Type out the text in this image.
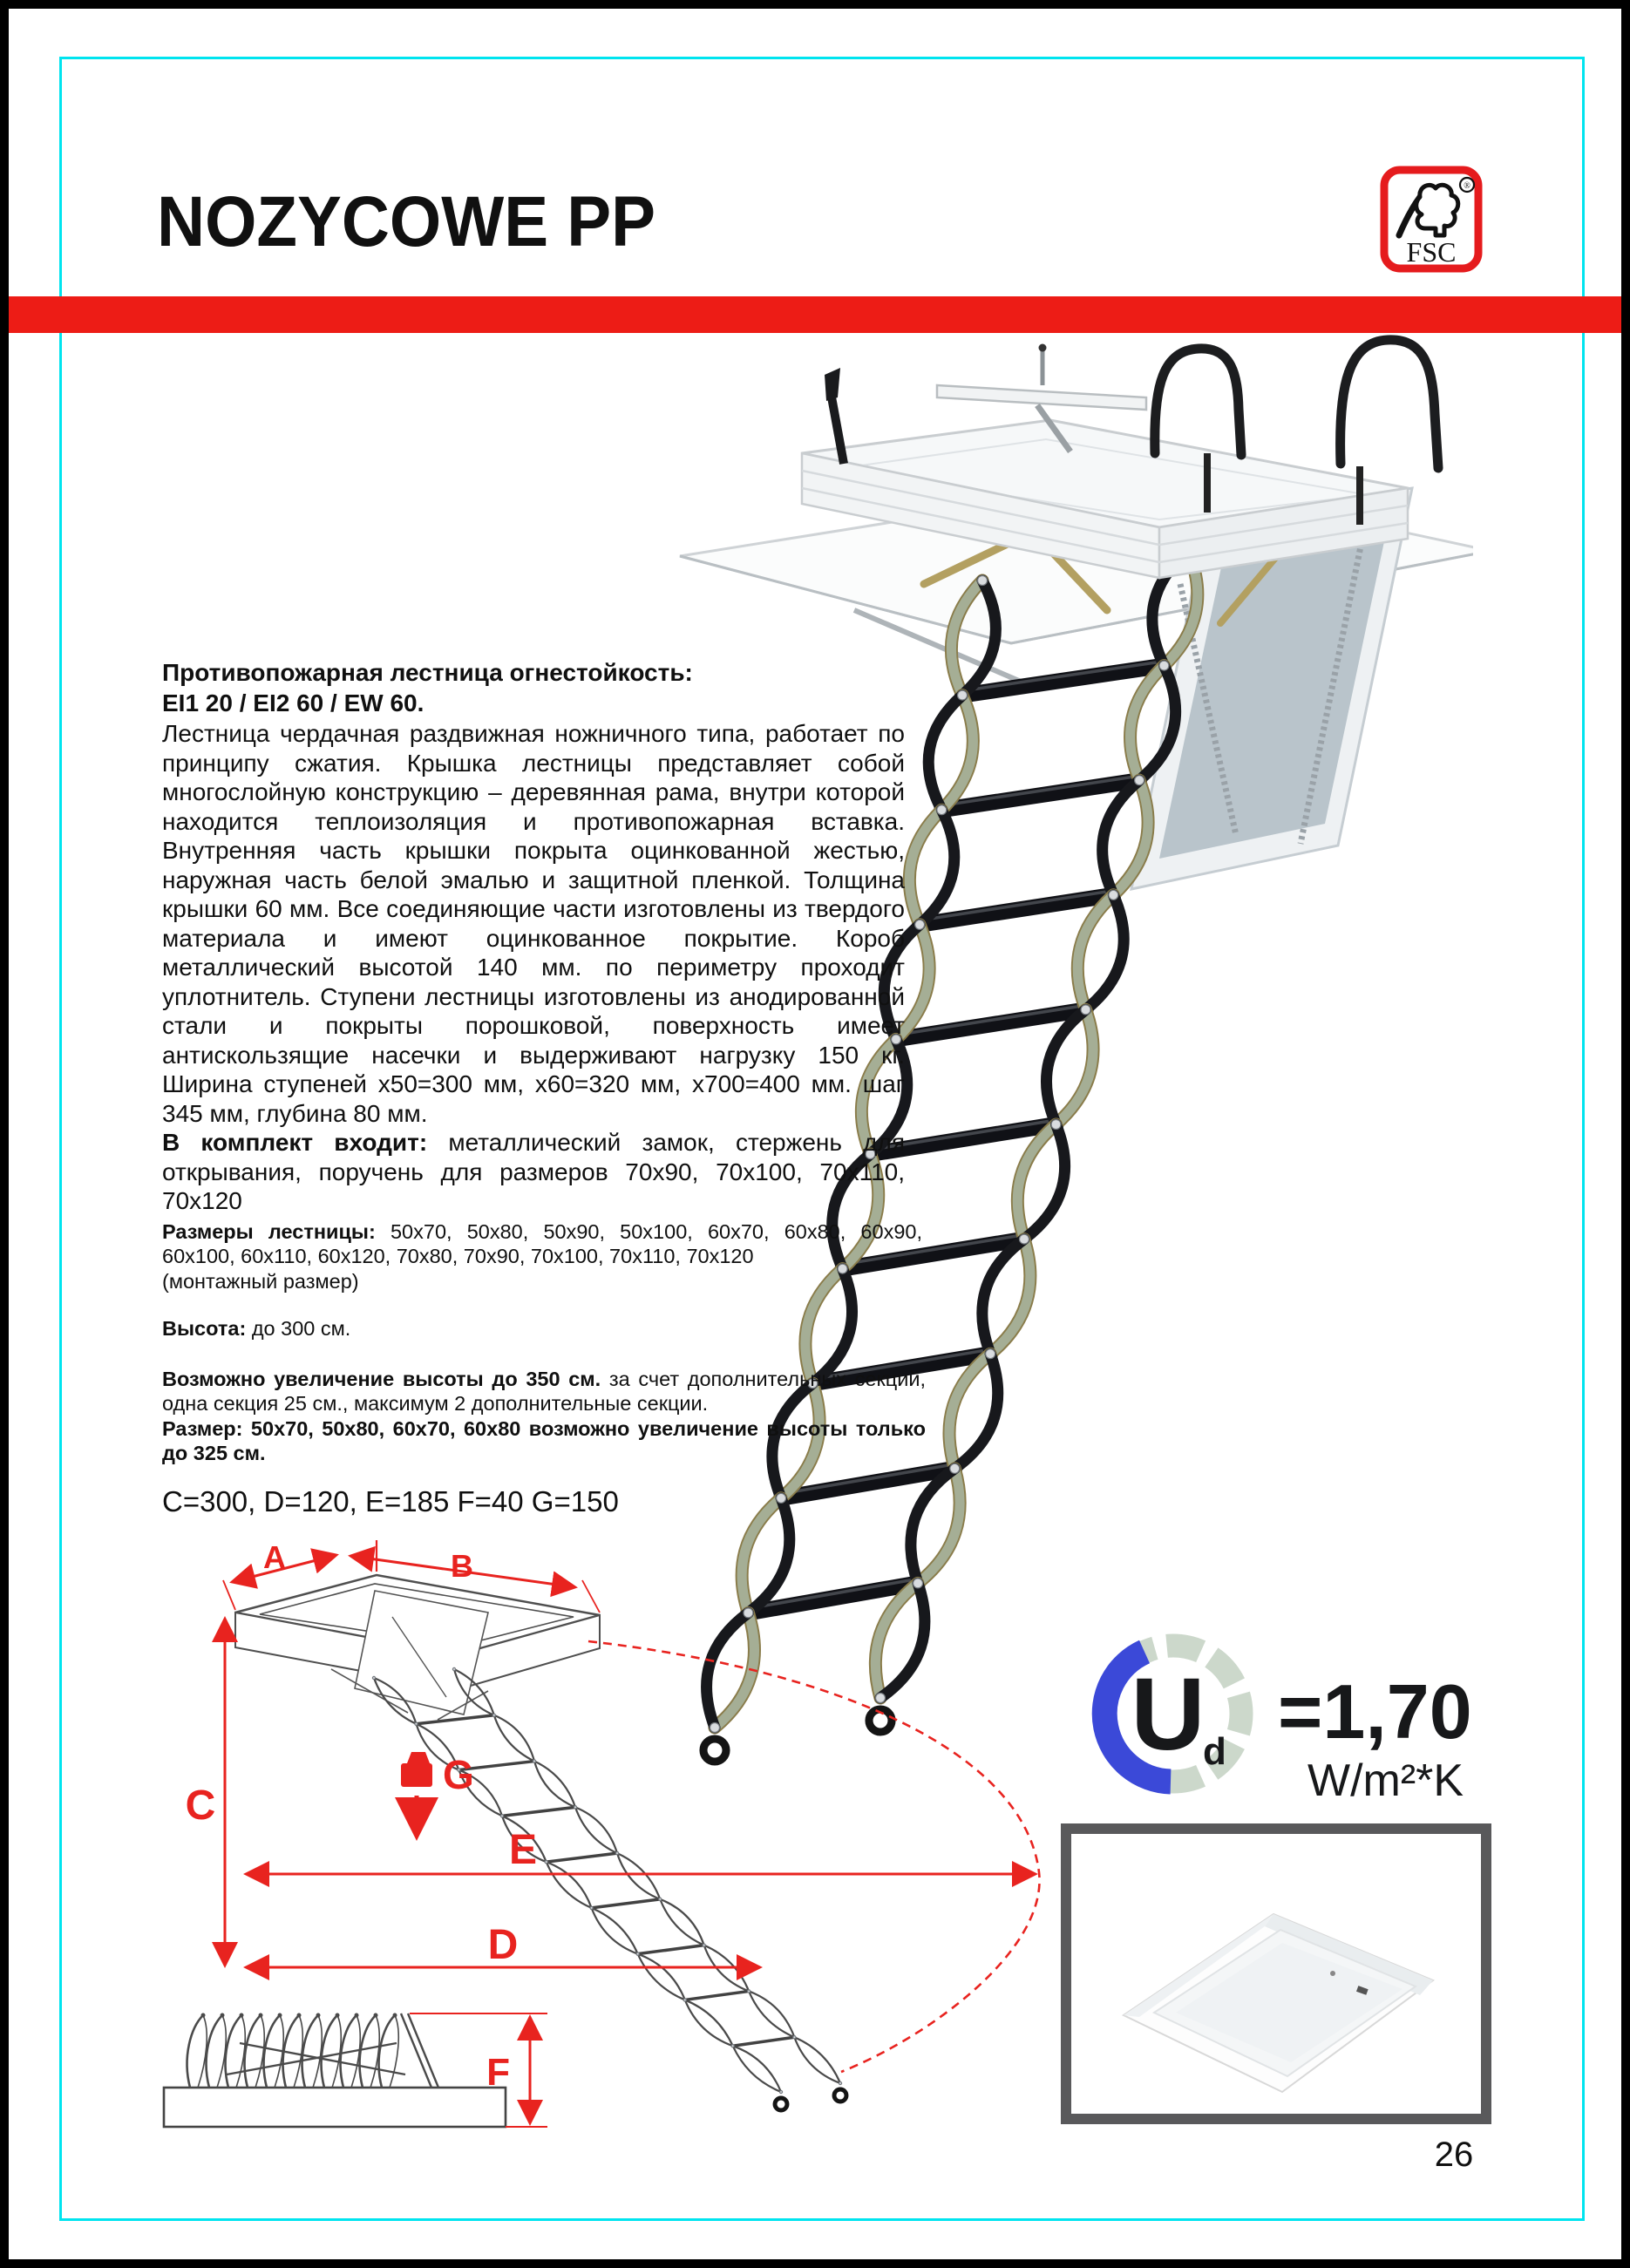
NOZYCOWE PP	®
FSC

Противопожарная лестница огнестойкость:

EI1 20 / EI2 60 / EW 60.

Лестница чердачная раздвижная ножничного типа, работает по принципу сжатия. Крышка лестницы представляет собой многослойную конструкцию – деревянная рама, внутри которой находится теплоизоляция и противопожарная вставка. Внутренняя часть крышки покрыта оцинкованной жестью, наружная часть белой эмалью и защитной пленкой. Толщина крышки 60 мм. Все соединяющие части изготовлены из твердого материала и имеют оцинкованное покрытие. Короб металлический высотой 140 мм. по периметру проходит уплотнитель. Ступени лестницы изготовлены из анодированной стали и покрыты порошковой, поверхность имеет антискользящие насечки и выдерживают нагрузку 150 кг. Ширина ступеней х50=300 мм, х60=320 мм, х700=400 мм. шаг 345 мм, глубина 80 мм.

В комплект входит: металлический замок, стержень для открывания, поручень для размеров 70х90, 70х100, 70х110, 70х120

Размеры лестницы: 50х70, 50х80, 50х90, 50х100, 60х70, 60х80, 60х90, 60х100, 60х110, 60х120, 70х80, 70х90, 70х100, 70х110, 70х120
(монтажный размер)

Высота: до 300 см.

Возможно увеличение высоты до 350 см. за счет дополнительных секций, одна секция 25 см., максимум 2 дополнительные секции.
Размер: 50х70, 50х80, 60х70, 60х80 возможно увеличение высоты только до 325 см.

C=300, D=120, E=185 F=40 G=150
A	B
C
D
E
G
F
U
d =1,70
W/m²*K
26
